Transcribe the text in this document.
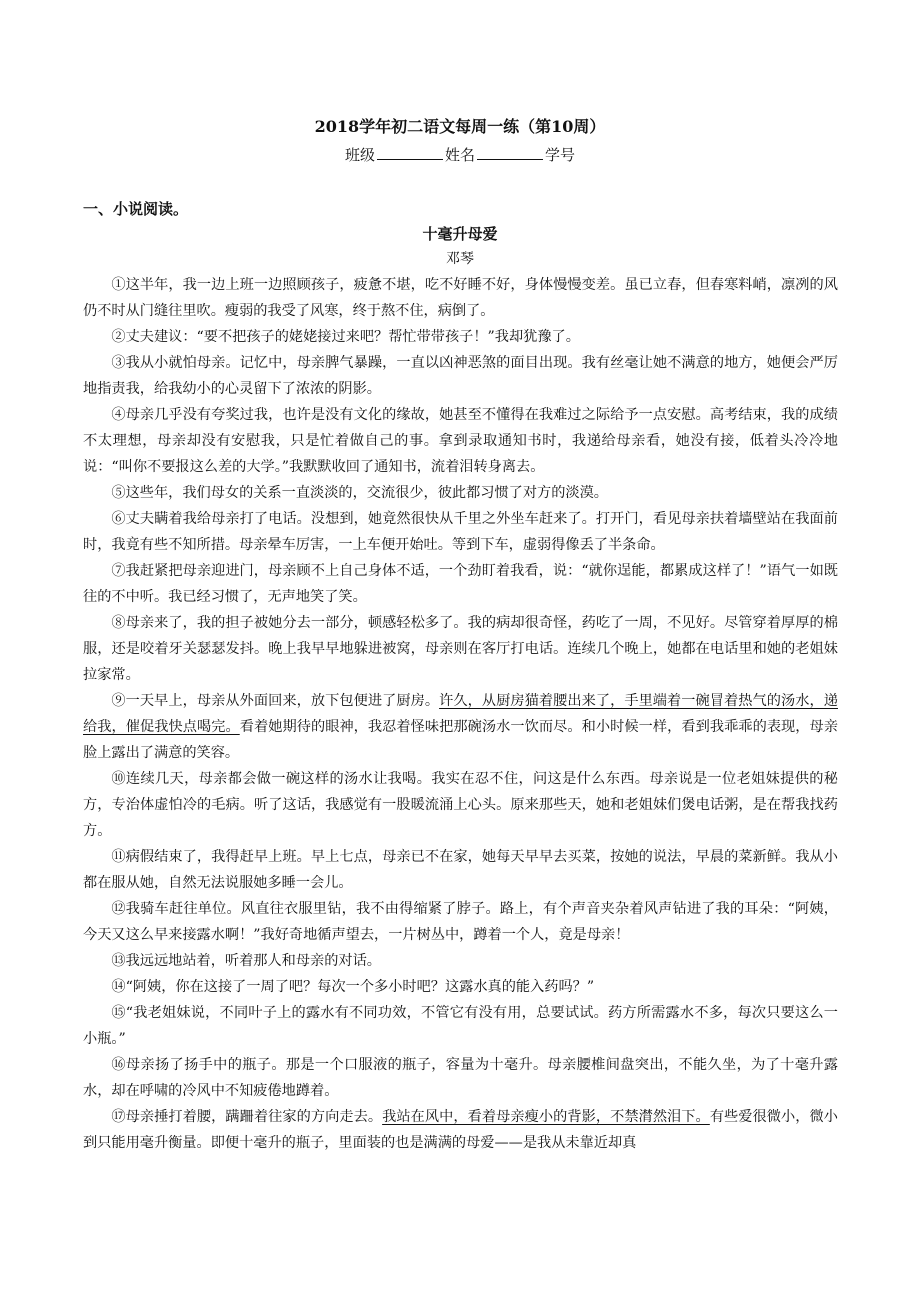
2018学年初二语文每周一练（第10周）
班级	姓名	学号
一、小说阅读。
十毫升母爱
邓琴

①这半年，我一边上班一边照顾孩子，疲惫不堪，吃不好睡不好，身体慢慢变差。虽已立春，但春寒料峭，凛冽的风仍不时从门缝往里吹。瘦弱的我受了风寒，终于熬不住，病倒了。

②丈夫建议：“要不把孩子的姥姥接过来吧？帮忙带带孩子！”我却犹豫了。

③我从小就怕母亲。记忆中，母亲脾气暴躁，一直以凶神恶煞的面目出现。我有丝毫让她不满意的地方，她便会严厉地指责我，给我幼小的心灵留下了浓浓的阴影。

④母亲几乎没有夸奖过我，也许是没有文化的缘故，她甚至不懂得在我难过之际给予一点安慰。高考结束，我的成绩不太理想，母亲却没有安慰我，只是忙着做自己的事。拿到录取通知书时，我递给母亲看，她没有接，低着头冷冷地说：“叫你不要报这么差的大学。”我默默收回了通知书，流着泪转身离去。

⑤这些年，我们母女的关系一直淡淡的，交流很少，彼此都习惯了对方的淡漠。

⑥丈夫瞒着我给母亲打了电话。没想到，她竟然很快从千里之外坐车赶来了。打开门，看见母亲扶着墙壁站在我面前时，我竟有些不知所措。母亲晕车厉害，一上车便开始吐。等到下车，虚弱得像丢了半条命。

⑦我赶紧把母亲迎进门，母亲顾不上自己身体不适，一个劲盯着我看，说：“就你逞能，都累成这样了！”语气一如既往的不中听。我已经习惯了，无声地笑了笑。

⑧母亲来了，我的担子被她分去一部分，顿感轻松多了。我的病却很奇怪，药吃了一周，不见好。尽管穿着厚厚的棉服，还是咬着牙关瑟瑟发抖。晚上我早早地躲进被窝，母亲则在客厅打电话。连续几个晚上，她都在电话里和她的老姐妹拉家常。

⑨一天早上，母亲从外面回来，放下包便进了厨房。许久，从厨房猫着腰出来了，手里端着一碗冒着热气的汤水，递给我，催促我快点喝完。看着她期待的眼神，我忍着怪味把那碗汤水一饮而尽。和小时候一样，看到我乖乖的表现，母亲脸上露出了满意的笑容。

⑩连续几天，母亲都会做一碗这样的汤水让我喝。我实在忍不住，问这是什么东西。母亲说是一位老姐妹提供的秘方，专治体虚怕冷的毛病。听了这话，我感觉有一股暖流涌上心头。原来那些天，她和老姐妹们煲电话粥，是在帮我找药方。

⑪病假结束了，我得赶早上班。早上七点，母亲已不在家，她每天早早去买菜，按她的说法，早晨的菜新鲜。我从小都在服从她，自然无法说服她多睡一会儿。

⑫我骑车赶往单位。风直往衣服里钻，我不由得缩紧了脖子。路上，有个声音夹杂着风声钻进了我的耳朵：“阿姨，今天又这么早来接露水啊！”我好奇地循声望去，一片树丛中，蹲着一个人，竟是母亲！

⑬我远远地站着，听着那人和母亲的对话。

⑭“阿姨，你在这接了一周了吧？每次一个多小时吧？这露水真的能入药吗？”

⑮“我老姐妹说，不同叶子上的露水有不同功效，不管它有没有用，总要试试。药方所需露水不多，每次只要这么一小瓶。”

⑯母亲扬了扬手中的瓶子。那是一个口服液的瓶子，容量为十毫升。母亲腰椎间盘突出，不能久坐，为了十毫升露水，却在呼啸的冷风中不知疲倦地蹲着。

⑰母亲捶打着腰，蹒跚着往家的方向走去。我站在风中，看着母亲瘦小的背影，不禁潸然泪下。有些爱很微小，微小到只能用毫升衡量。即便十毫升的瓶子，里面装的也是满满的母爱——是我从未靠近却真
